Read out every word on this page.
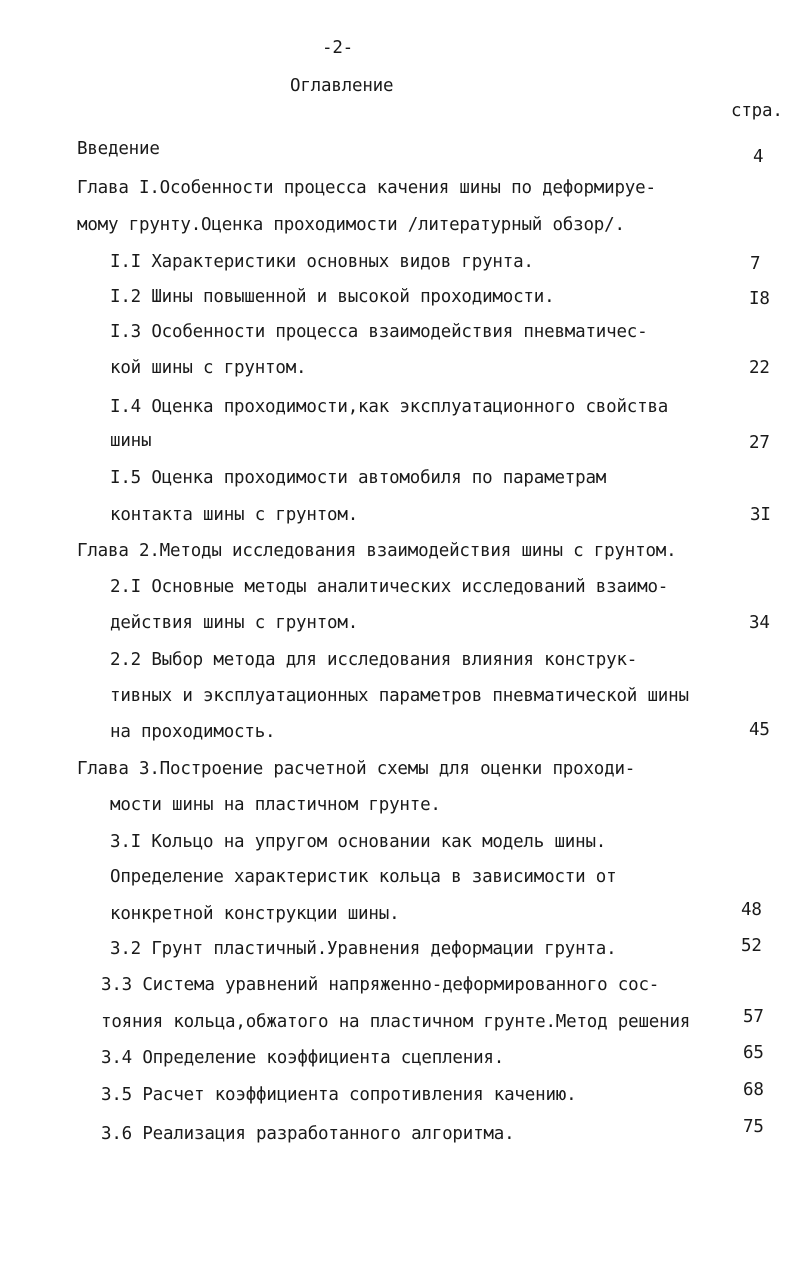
-2-
Оглавление
стра.
Введение	4
Глава I.Особенности процесса качения шины по деформируе-
мому грунту.Оценка проходимости /литературный обзор/.
I.I Характеристики основных видов грунта.	7
I.2 Шины повышенной и высокой проходимости.	I8
I.3 Особенности процесса взаимодействия пневматичес-
кой шины с грунтом.	22
I.4 Оценка проходимости,как эксплуатационного свойства
шины	27
I.5 Оценка проходимости автомобиля по параметрам
контакта шины с грунтом.	3I
Глава 2.Методы исследования взаимодействия шины с грунтом.
2.I Основные методы аналитических исследований взаимо-
действия шины с грунтом.	34
2.2 Выбор метода для исследования влияния конструк-
тивных и эксплуатационных параметров пневматической шины
на проходимость.	45
Глава 3.Построение расчетной схемы для оценки проходи-
мости шины на пластичном грунте.
3.I Кольцо на упругом основании как модель шины.
Определение характеристик кольца в зависимости от
конкретной конструкции шины.	48
3.2 Грунт пластичный.Уравнения деформации грунта.	52
3.3 Система уравнений напряженно-деформированного сос-
тояния кольца,обжатого на пластичном грунте.Метод решения	57
3.4 Определение коэффициента сцепления.	65
3.5 Расчет коэффициента сопротивления качению.	68
3.6 Реализация разработанного алгоритма.	75
